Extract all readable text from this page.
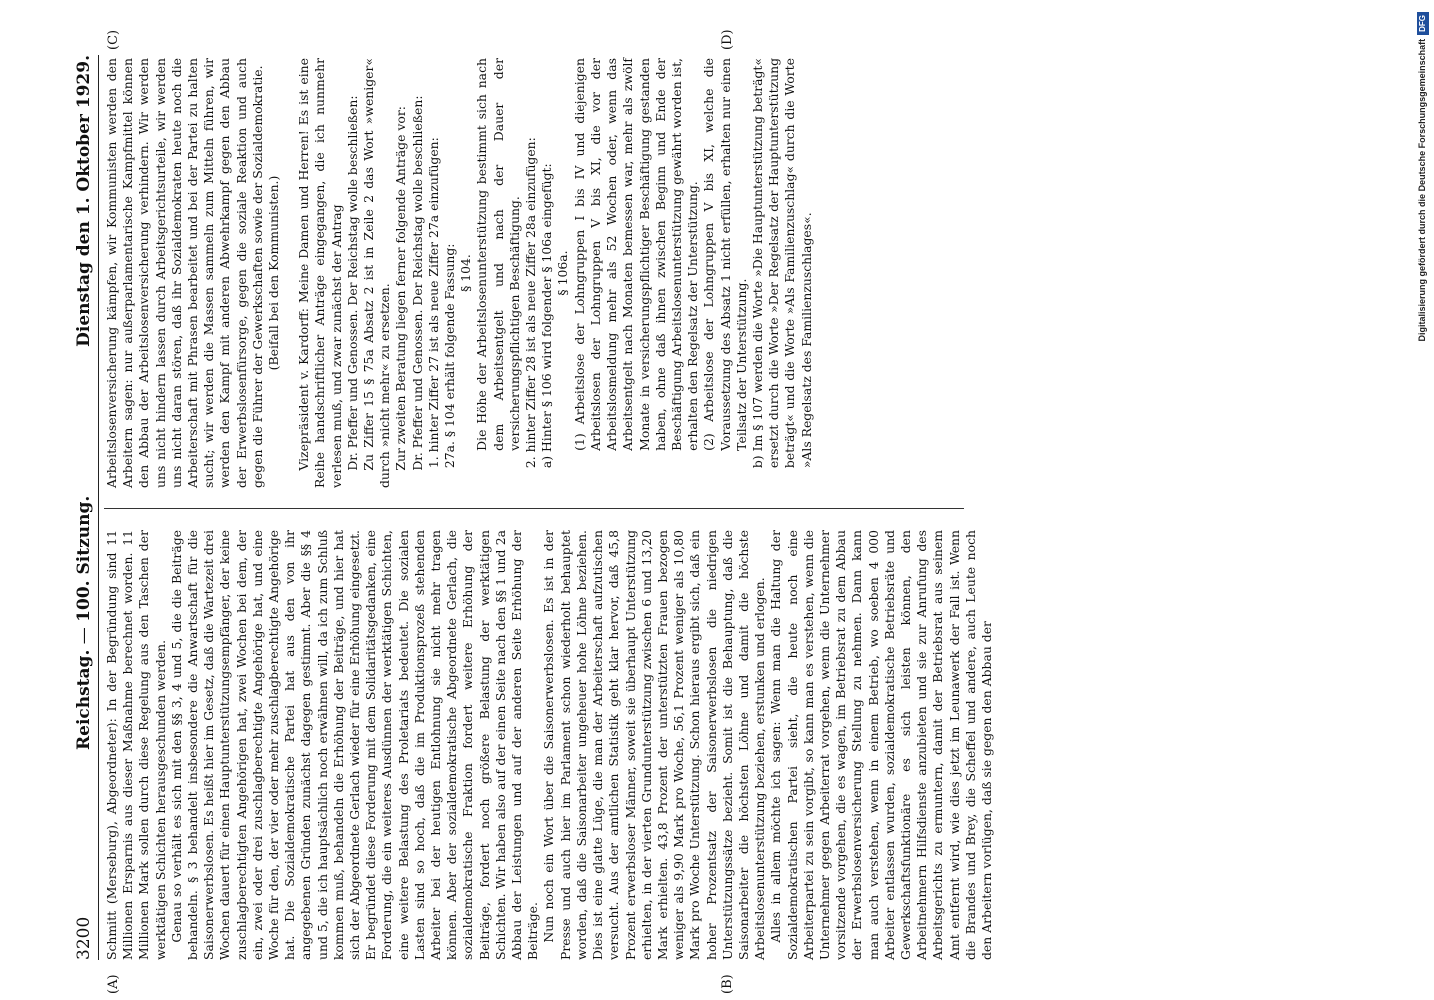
3200
Reichstag. — 100. Sitzung.
Dienstag den 1. Oktober 1929.
(A)	(B)
(C)	(D)

Schmitt (Merseburg), Abgeordneter): In der Begründung sind 11 Millionen Ersparnis aus dieser Maßnahme berechnet worden. 11 Millionen Mark sollen durch diese Regelung aus den Taschen der werktätigen Schichten herausgeschunden werden. Genau so verhält es sich mit den §§ 3, 4 und 5, die die Beiträge behandeln. § 3 behandelt insbesondere die Anwartschaft für die Saisonerwerbslosen. Es heißt hier im Gesetz, daß die Wartezeit drei Wochen dauert für einen Hauptunterstützungsempfänger, der keine zuschlagberechtigten Angehörigen hat, zwei Wochen bei dem, der ein, zwei oder drei zuschlagberechtigte Angehörige hat, und eine Woche für den, der vier oder mehr zuschlagberechtigte Angehörige hat. Die Sozialdemokratische Partei hat aus den von ihr angegebenen Gründen zunächst dagegen gestimmt. Aber die §§ 4 und 5, die ich hauptsächlich noch erwähnen will, da ich zum Schluß kommen muß, behandeln die Erhöhung der Beiträge, und hier hat sich der Abgeordnete Gerlach wieder für eine Erhöhung eingesetzt. Er begründet diese Forderung mit dem Solidaritätsgedanken, eine Forderung, die ein weiteres Ausdünnen der werktätigen Schichten, eine weitere Belastung des Proletariats bedeutet. Die sozialen Lasten sind so hoch, daß die im Produktionsprozeß stehenden Arbeiter bei der heutigen Entlohnung sie nicht mehr tragen können. Aber der sozialdemokratische Abgeordnete Gerlach, die sozialdemokratische Fraktion fordert weitere Erhöhung der Beiträge, fordert noch größere Belastung der werktätigen Schichten. Wir haben also auf der einen Seite nach den §§ 1 und 2a Abbau der Leistungen und auf der anderen Seite Erhöhung der Beiträge. Nun noch ein Wort über die Saisonerwerbslosen. Es ist in der Presse und auch hier im Parlament schon wiederholt behauptet worden, daß die Saisonarbeiter ungeheuer hohe Löhne beziehen. Dies ist eine glatte Lüge, die man der Arbeiterschaft aufzutischen versucht. Aus der amtlichen Statistik geht klar hervor, daß 45,8 Prozent erwerbsloser Männer, soweit sie überhaupt Unterstützung erhielten, in der vierten Grundunterstützung zwischen 6 und 13,20 Mark erhielten. 43,8 Prozent der unterstützten Frauen bezogen weniger als 9,90 Mark pro Woche, 56,1 Prozent weniger als 10,80 Mark pro Woche Unterstützung. Schon hieraus ergibt sich, daß ein hoher Prozentsatz der Saisonerwerbslosen die niedrigen Unterstützungssätze bezieht. Somit ist die Behauptung, daß die Saisonarbeiter die höchsten Löhne und damit die höchste Arbeitslosenunterstützung beziehen, erstunken und erlogen. Alles in allem möchte ich sagen: Wenn man die Haltung der Sozialdemokratischen Partei sieht, die heute noch eine Arbeiterpartei zu sein vorgibt, so kann man es verstehen, wenn die Unternehmer gegen Arbeiterrat vorgehen, wenn die Unternehmer vorsitzende vorgehen, die es wagen, im Betriebsrat zu dem Abbau der Erwerbslosenversicherung Stellung zu nehmen. Dann kann man auch verstehen, wenn in einem Betrieb, wo soeben 4 000 Arbeiter entlassen wurden, sozialdemokratische Betriebsräte und Gewerkschaftsfunktionäre es sich leisten können, den Arbeitnehmern Hilfsdienste anzubieten und sie zur Anrufung des Arbeitsgerichts zu ermuntern, damit der Betriebsrat aus seinem Amt entfernt wird, wie dies jetzt im Leunawerk der Fall ist. Wenn die Brandes und Brey, die Scheffel und andere, auch Leute noch den Arbeitern vorlügen, daß sie gegen den Abbau der

Arbeitslosenversicherung kämpfen, wir Kommunisten werden den Arbeitern sagen: nur außerparlamentarische Kampfmittel können den Abbau der Arbeitslosenversicherung verhindern. Wir werden uns nicht hindern lassen durch Arbeitsgerichtsurteile, wir werden uns nicht daran stören, daß ihr Sozialdemokraten heute noch die Arbeiterschaft mit Phrasen bearbeitet und bei der Partei zu halten sucht; wir werden die Massen sammeln zum Mitteln führen, wir werden den Kampf mit anderen Abwehrkampf gegen den Abbau der Erwerbslosenfürsorge, gegen die soziale Reaktion und auch gegen die Führer der Gewerkschaften sowie der Sozialdemokratie. (Beifall bei den Kommunisten.) Vizepräsident v. Kardorff: Meine Damen und Herren! Es ist eine Reihe handschriftlicher Anträge eingegangen, die ich nunmehr verlesen muß, und zwar zunächst der Antrag Dr. Pfeffer und Genossen. Der Reichstag wolle beschließen: Zu Ziffer 15 § 75a Absatz 2 ist in Zeile 2 das Wort »weniger« durch »nicht mehr« zu ersetzen. Zur zweiten Beratung liegen ferner folgende Anträge vor: Dr. Pfeffer und Genossen. Der Reichstag wolle beschließen: 1. hinter Ziffer 27 ist als neue Ziffer 27a einzufügen: 27a. § 104 erhält folgende Fassung: § 104. Die Höhe der Arbeitslosenunterstützung bestimmt sich nach dem Arbeitsentgelt und nach der Dauer der versicherungspflichtigen Beschäftigung. 2. hinter Ziffer 28 ist als neue Ziffer 28a einzufügen: a) Hinter § 106 wird folgender § 106a eingefügt: § 106a. (1) Arbeitslose der Lohngruppen I bis IV und diejenigen Arbeitslosen der Lohngruppen V bis XI, die vor der Arbeitslosmeldung mehr als 52 Wochen oder, wenn das Arbeitsentgelt nach Monaten bemessen war, mehr als zwölf Monate in versicherungspflichtiger Beschäftigung gestanden haben, ohne daß ihnen zwischen Beginn und Ende der Beschäftigung Arbeitslosenunterstützung gewährt worden ist, erhalten den Regelsatz der Unterstützung. (2) Arbeitslose der Lohngruppen V bis XI, welche die Voraussetzung des Absatz 1 nicht erfüllen, erhalten nur einen Teilsatz der Unterstützung. b) Im § 107 werden die Worte »Die Hauptunterstützung beträgt« ersetzt durch die Worte »Der Regelsatz der Hauptunterstützung beträgt« und die Worte »Als Familienzuschlag« durch die Worte »Als Regelsatz des Familienzuschlages«.	Digitalisierung gefördert durch die Deutsche ForschungsgemeinschaftDFG
